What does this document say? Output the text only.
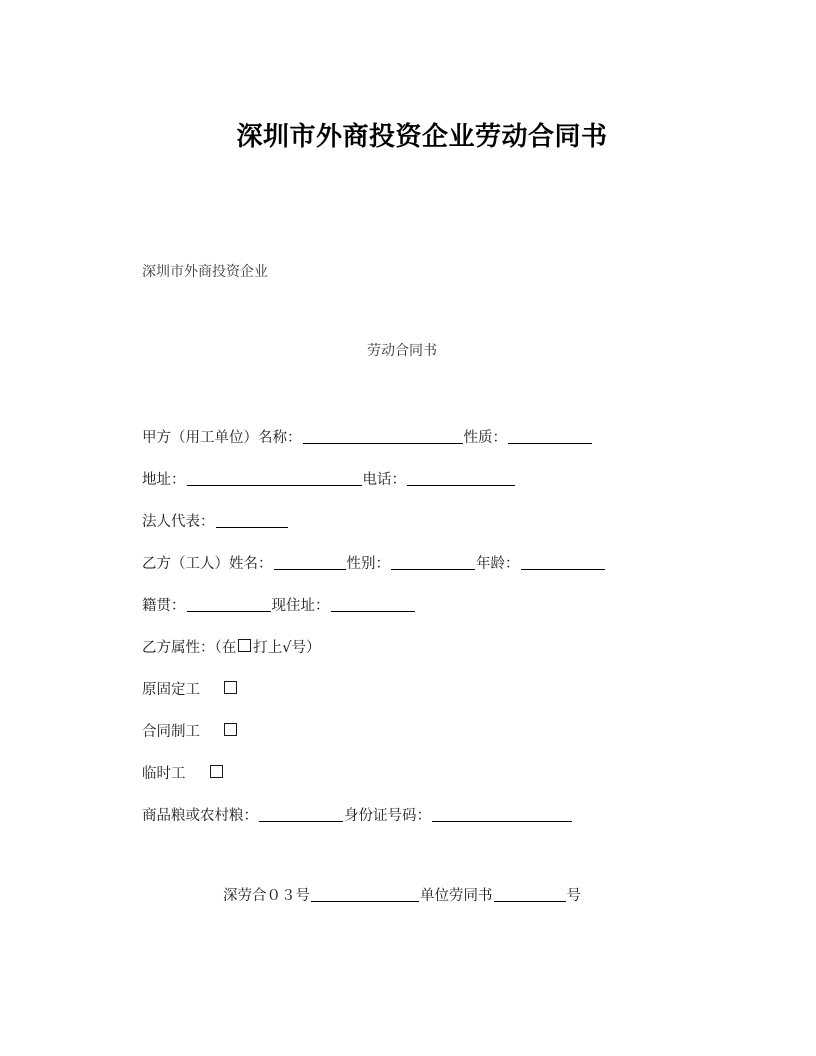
深圳市外商投资企业劳动合同书
深圳市外商投资企业
劳动合同书
甲方（用工单位）名称：	性质：
地址：	电话：
法人代表：
乙方（工人）姓名：	性别：	年龄：
籍贯：	现住址：
乙方属性：（在 打上√号）
原固定工
合同制工
临时工
商品粮或农村粮：	身份证号码：
深劳合０３号	单位劳同书	号
